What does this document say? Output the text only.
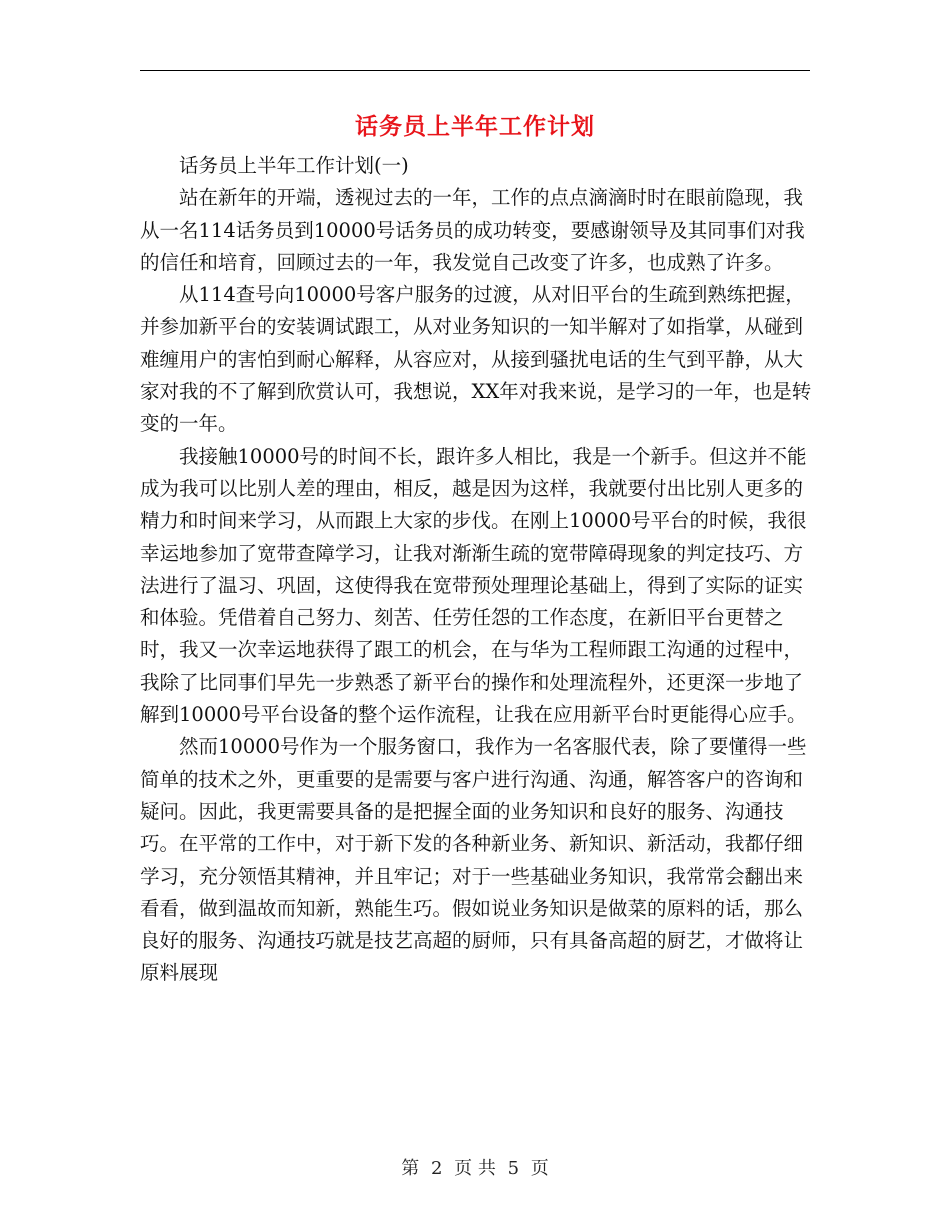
话务员上半年工作计划

话务员上半年工作计划(一)

站在新年的开端，透视过去的一年，工作的点点滴滴时时在眼前隐现，我从一名114话务员到10000号话务员的成功转变，要感谢领导及其同事们对我的信任和培育，回顾过去的一年，我发觉自己改变了许多，也成熟了许多。

从114查号向10000号客户服务的过渡，从对旧平台的生疏到熟练把握，并参加新平台的安装调试跟工，从对业务知识的一知半解对了如指掌，从碰到难缠用户的害怕到耐心解释，从容应对，从接到骚扰电话的生气到平静，从大家对我的不了解到欣赏认可，我想说，XX年对我来说，是学习的一年，也是转变的一年。

我接触10000号的时间不长，跟许多人相比，我是一个新手。但这并不能成为我可以比别人差的理由，相反，越是因为这样，我就要付出比别人更多的精力和时间来学习，从而跟上大家的步伐。在刚上10000号平台的时候，我很幸运地参加了宽带查障学习，让我对渐渐生疏的宽带障碍现象的判定技巧、方法进行了温习、巩固，这使得我在宽带预处理理论基础上，得到了实际的证实和体验。凭借着自己努力、刻苦、任劳任怨的工作态度，在新旧平台更替之时，我又一次幸运地获得了跟工的机会，在与华为工程师跟工沟通的过程中，我除了比同事们早先一步熟悉了新平台的操作和处理流程外，还更深一步地了解到10000号平台设备的整个运作流程，让我在应用新平台时更能得心应手。

然而10000号作为一个服务窗口，我作为一名客服代表，除了要懂得一些简单的技术之外，更重要的是需要与客户进行沟通、沟通，解答客户的咨询和疑问。因此，我更需要具备的是把握全面的业务知识和良好的服务、沟通技巧。在平常的工作中，对于新下发的各种新业务、新知识、新活动，我都仔细学习，充分领悟其精神，并且牢记；对于一些基础业务知识，我常常会翻出来看看，做到温故而知新，熟能生巧。假如说业务知识是做菜的原料的话，那么良好的服务、沟通技巧就是技艺高超的厨师，只有具备高超的厨艺，才做将让原料展现

第 2 页 共 5 页
